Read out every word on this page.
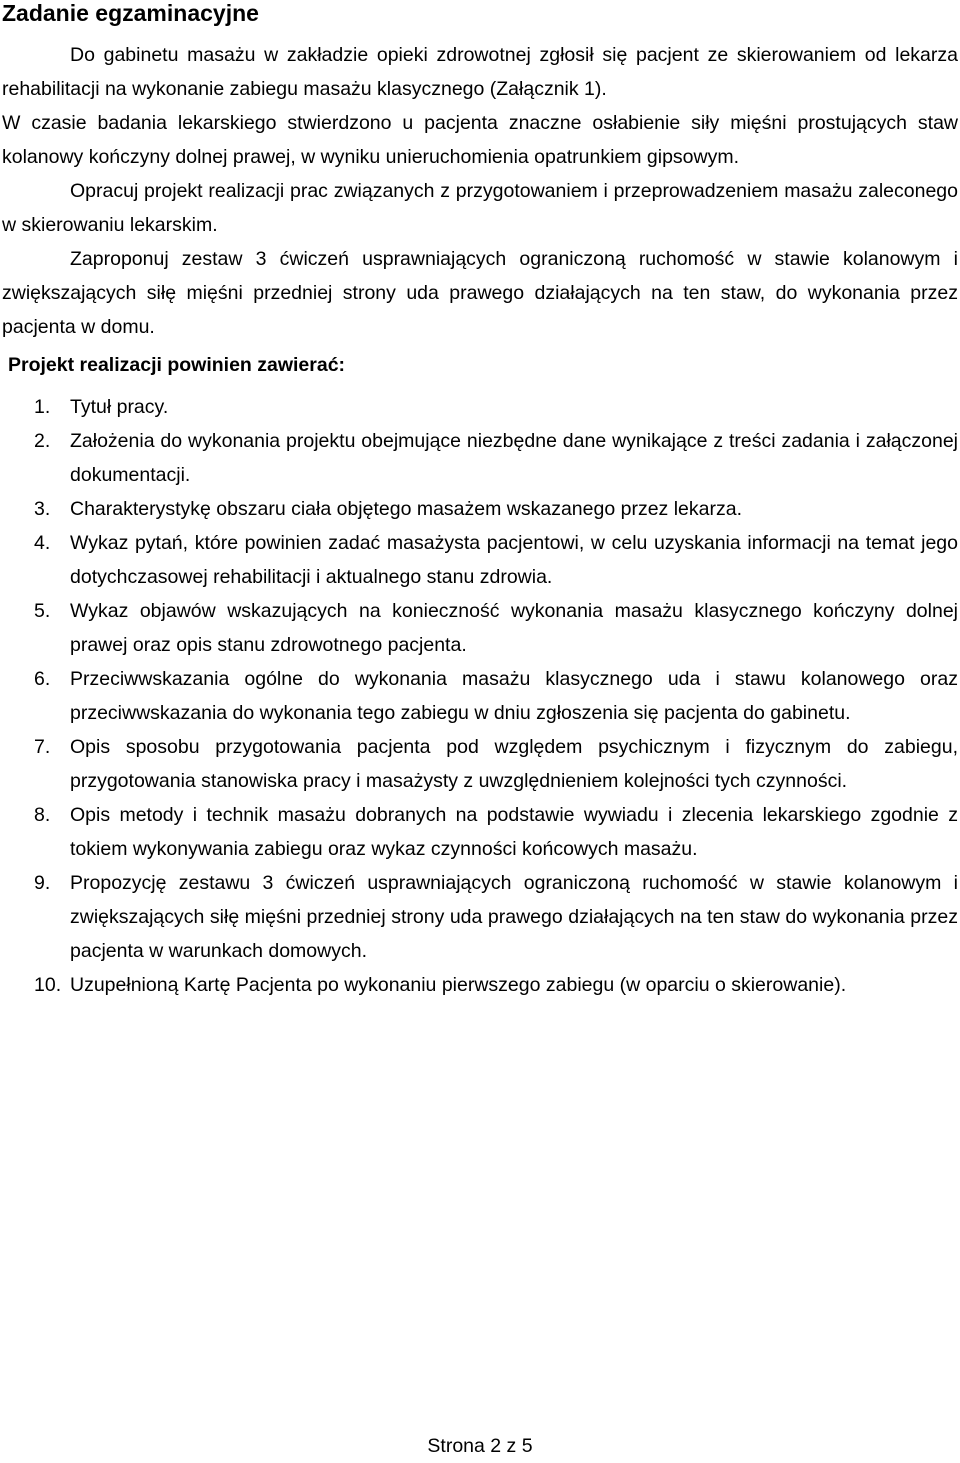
Zadanie egzaminacyjne

Do gabinetu masażu w zakładzie opieki zdrowotnej zgłosił się pacjent ze skierowaniem od lekarza rehabilitacji na wykonanie zabiegu masażu klasycznego (Załącznik 1).

W czasie badania lekarskiego stwierdzono u pacjenta znaczne osłabienie siły mięśni prostujących staw kolanowy kończyny dolnej prawej, w wyniku unieruchomienia opatrunkiem gipsowym.

Opracuj projekt realizacji prac związanych z przygotowaniem i przeprowadzeniem masażu zaleconego w skierowaniu lekarskim.

Zaproponuj zestaw 3 ćwiczeń usprawniających ograniczoną ruchomość w stawie kolanowym i zwiększających siłę mięśni przedniej strony uda prawego działających na ten staw, do wykonania przez pacjenta w domu.

Projekt realizacji powinien zawierać:
1. Tytuł pracy.
2. Założenia do wykonania projektu obejmujące niezbędne dane wynikające z treści zadania i załączonej dokumentacji.
3. Charakterystykę obszaru ciała objętego masażem wskazanego przez lekarza.
4. Wykaz pytań, które powinien zadać masażysta pacjentowi, w celu uzyskania informacji na temat jego dotychczasowej rehabilitacji i aktualnego stanu zdrowia.
5. Wykaz objawów wskazujących na konieczność wykonania masażu klasycznego kończyny dolnej prawej oraz opis stanu zdrowotnego pacjenta.
6. Przeciwwskazania ogólne do wykonania masażu klasycznego uda i stawu kolanowego oraz przeciwwskazania do wykonania tego zabiegu w dniu zgłoszenia się pacjenta do gabinetu.
7. Opis sposobu przygotowania pacjenta pod względem psychicznym i fizycznym do zabiegu, przygotowania stanowiska pracy i masażysty z uwzględnieniem kolejności tych czynności.
8. Opis metody i technik masażu dobranych na podstawie wywiadu i zlecenia lekarskiego zgodnie z tokiem wykonywania zabiegu oraz wykaz czynności końcowych masażu.
9. Propozycję zestawu 3 ćwiczeń usprawniających ograniczoną ruchomość w stawie kolanowym i zwiększających siłę mięśni przedniej strony uda prawego działających na ten staw do wykonania przez pacjenta w warunkach domowych.
10. Uzupełnioną Kartę Pacjenta po wykonaniu pierwszego zabiegu (w oparciu o skierowanie).
Strona 2 z 5
